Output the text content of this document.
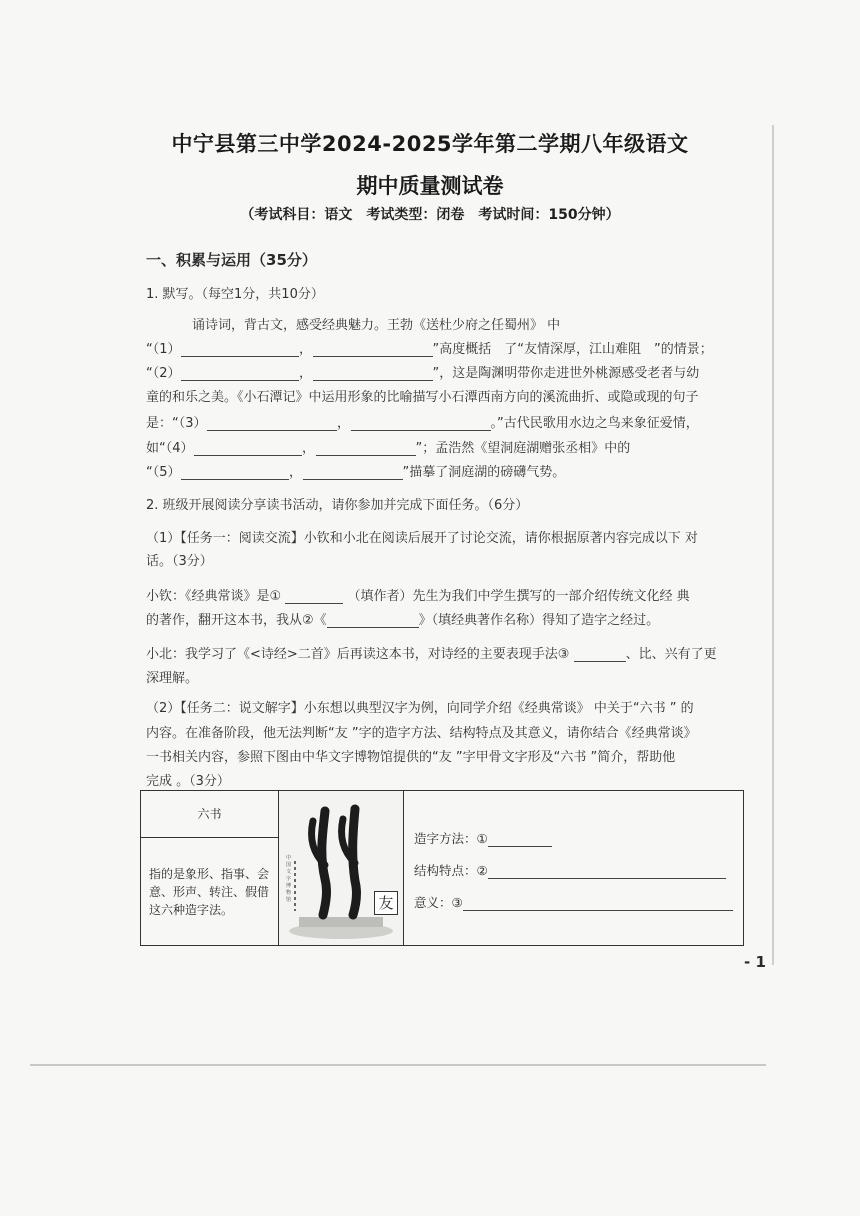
中宁县第三中学2024-2025学年第二学期八年级语文
期中质量测试卷
（考试科目：语文　考试类型：闭卷　考试时间：150分钟）
一、积累与运用（35分）
1. 默写。（每空1分，共10分）
诵诗词，背古文，感受经典魅力。王勃《送杜少府之任蜀州》 中
“（1）	，	”高度概括　了“友情深厚，江山难阻　”的情景；
“（2）	，	”，这是陶渊明带你走进世外桃源感受老者与幼
童的和乐之美。《小石潭记》中运用形象的比喻描写小石潭西南方向的溪流曲折、或隐或现的句子
是：“（3）	，	。”古代民歌用水边之鸟来象征爱情，
如“（4）	，	”；孟浩然《望洞庭湖赠张丞相》中的
“（5）	，	”描摹了洞庭湖的磅礴气势。
2. 班级开展阅读分享读书活动，请你参加并完成下面任务。（6分）
（1）【任务一：阅读交流】小钦和小北在阅读后展开了讨论交流，请你根据原著内容完成以下 对
话。（3分）
小钦：《经典常谈》是①	（填作者）先生为我们中学生撰写的一部介绍传统文化经 典
的著作，翻开这本书，我从②《	》（填经典著作名称）得知了造字之经过。
小北：我学习了《<诗经>二首》后再读这本书，对诗经的主要表现手法③	、比、兴有了更
深理解。
（2）【任务二：说文解字】小东想以典型汉字为例，向同学介绍《经典常谈》 中关于“六书 ” 的
内容。在准备阶段，他无法判断“友 ”字的造字方法、结构特点及其意义，请你结合《经典常谈》
一书相关内容，参照下图由中华文字博物馆提供的“友 ”字甲骨文字形及“六书 ”简介，帮助他
完成 。（3分）
六书
指的是象形、指事、会意、形声、转注、假借这六种造字法。	友
中国文字博物馆
造字方法：①
结构特点：②
意义：③
- 1
